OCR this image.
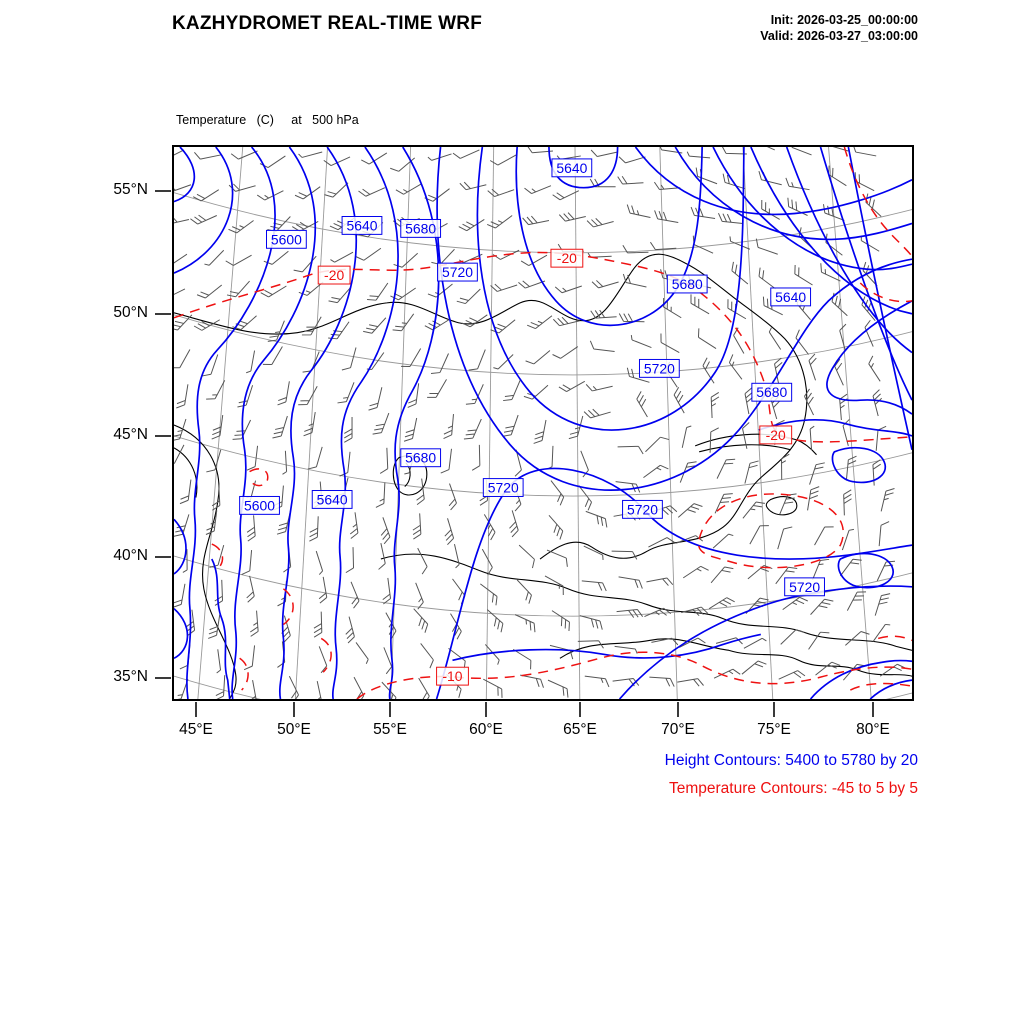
KAZHYDROMET REAL-TIME WRF	Init: 2026-03-25_00:00:00
Valid: 2026-03-27_03:00:00

Temperature   (C)     at   500 hPa

5640
5600
5640 5680
5720
5680
5640
5720
5680
5680
5720
5600	5640
5720
5720
-20
-20
-20
-10
55°N
50°N
45°N
40°N
35°N
45°E	50°E	55°E	60°E	65°E	70°E	75°E	80°E
Height Contours: 5400 to 5780 by 20
Temperature Contours: -45 to 5 by 5
